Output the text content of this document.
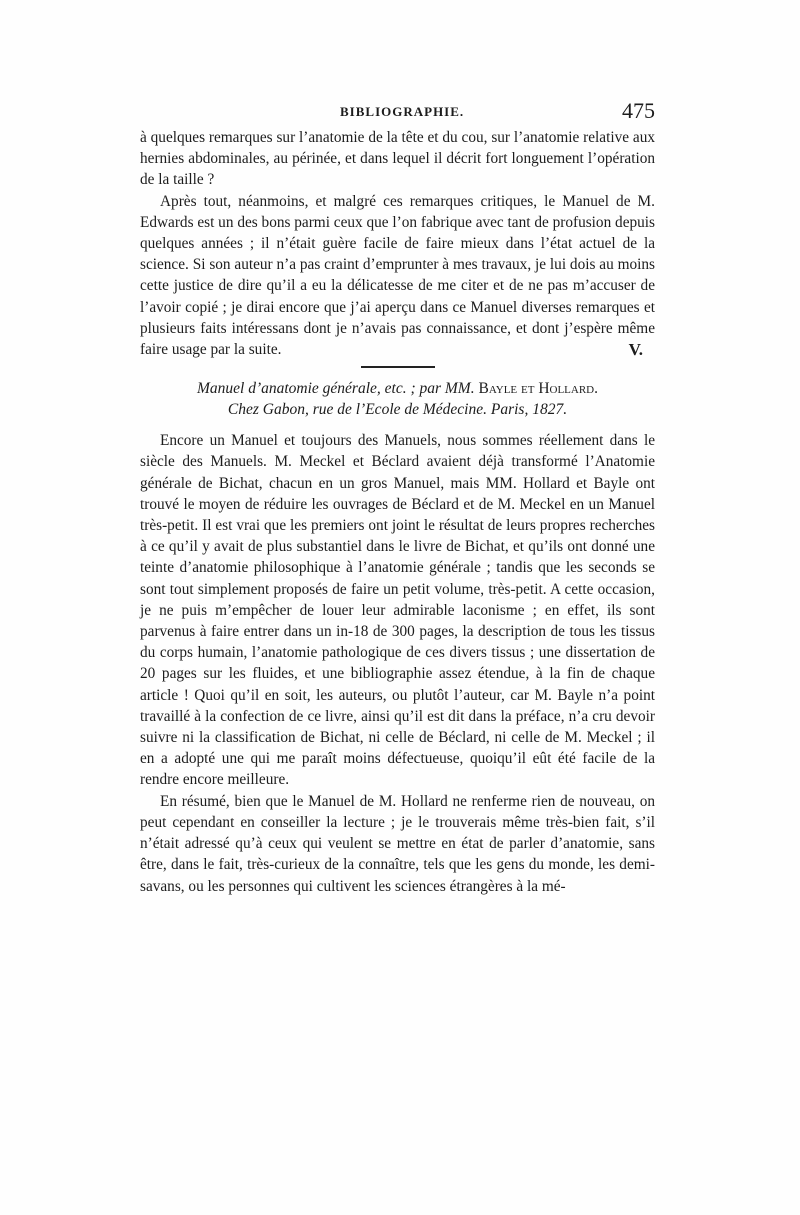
BIBLIOGRAPHIE.	475

à quelques remarques sur l’anatomie de la tête et du cou, sur l’anatomie relative aux hernies abdominales, au périnée, et dans lequel il décrit fort longuement l’opération de la taille ?

Après tout, néanmoins, et malgré ces remarques critiques, le Manuel de M. Edwards est un des bons parmi ceux que l’on fabrique avec tant de profusion depuis quelques années ; il n’était guère facile de faire mieux dans l’état actuel de la science. Si son auteur n’a pas craint d’emprunter à mes travaux, je lui dois au moins cette justice de dire qu’il a eu la délicatesse de me citer et de ne pas m’accuser de l’avoir copié ; je dirai encore que j’ai aperçu dans ce Manuel diverses remarques et plusieurs faits intéressans dont je n’avais pas connaissance, et dont j’espère même faire usage par la suite.	V.
Manuel d’anatomie générale, etc. ; par MM. Bayle et Hollard.
Chez Gabon, rue de l’Ecole de Médecine. Paris, 1827.

Encore un Manuel et toujours des Manuels, nous sommes réellement dans le siècle des Manuels. M. Meckel et Béclard avaient déjà transformé l’Anatomie générale de Bichat, chacun en un gros Manuel, mais MM. Hollard et Bayle ont trouvé le moyen de réduire les ouvrages de Béclard et de M. Meckel en un Manuel très-petit. Il est vrai que les premiers ont joint le résultat de leurs propres recherches à ce qu’il y avait de plus substantiel dans le livre de Bichat, et qu’ils ont donné une teinte d’anatomie philosophique à l’anatomie générale ; tandis que les seconds se sont tout simplement proposés de faire un petit volume, très-petit. A cette occasion, je ne puis m’empêcher de louer leur admirable laconisme ; en effet, ils sont parvenus à faire entrer dans un in-18 de 300 pages, la description de tous les tissus du corps humain, l’anatomie pathologique de ces divers tissus ; une dissertation de 20 pages sur les fluides, et une bibliographie assez étendue, à la fin de chaque article ! Quoi qu’il en soit, les auteurs, ou plutôt l’auteur, car M. Bayle n’a point travaillé à la confection de ce livre, ainsi qu’il est dit dans la préface, n’a cru devoir suivre ni la classification de Bichat, ni celle de Béclard, ni celle de M. Meckel ; il en a adopté une qui me paraît moins défectueuse, quoiqu’il eût été facile de la rendre encore meilleure.

En résumé, bien que le Manuel de M. Hollard ne renferme rien de nouveau, on peut cependant en conseiller la lecture ; je le trouverais même très-bien fait, s’il n’était adressé qu’à ceux qui veulent se mettre en état de parler d’anatomie, sans être, dans le fait, très-curieux de la connaître, tels que les gens du monde, les demi-savans, ou les personnes qui cultivent les sciences étrangères à la mé-
